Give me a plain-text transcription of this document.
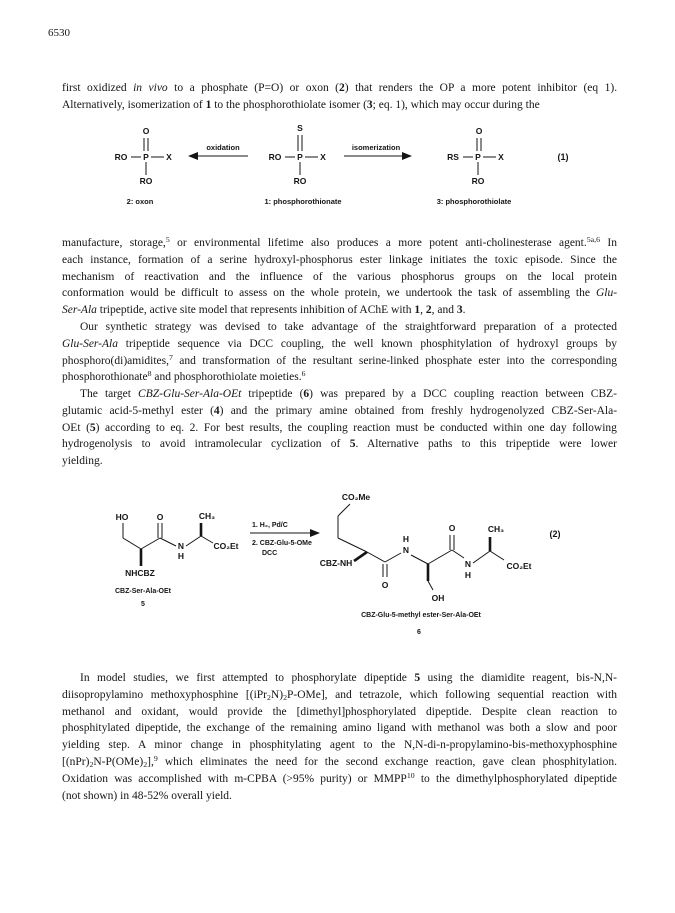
6530
first oxidized in vivo to a phosphate (P=O) or oxon (2) that renders the OP a more potent inhibitor (eq 1).
Alternatively, isomerization of 1 to the phosphorothiolate isomer (3; eq. 1), which may occur during the
manufacture, storage,$^5$ or environmental lifetime also produces a more potent anti-cholinesterase agent.$^{5a,6}$ In
each instance, formation of a serine hydroxyl-phosphorus ester linkage initiates the toxic episode. Since the
mechanism of reactivation and the influence of the various phosphorus groups on the local protein
conformation would be difficult to assess on the whole protein, we undertook the task of assembling the Glu-
Ser-Ala tripeptide, active site model that represents inhibition of AChE with 1, 2, and 3.
Our synthetic strategy was devised to take advantage of the straightforward preparation of a protected
Glu-Ser-Ala tripeptide sequence via DCC coupling, the well known phosphitylation of hydroxyl groups by
phosphoro(di)amidites,$^7$ and transformation of the resultant serine-linked phosphate ester into the corresponding
phosphorothionate$^8$ and phosphorothiolate moieties.$^6$
The target CBZ-Glu-Ser-Ala-OEt tripeptide (6) was prepared by a DCC coupling reaction between CBZ-
glutamic acid-5-methyl ester (4) and the primary amine obtained from freshly hydrogenolyzed CBZ-Ser-Ala-
OEt (5) according to eq. 2. For best results, the coupling reaction must be conducted within one day following
hydrogenolysis to avoid intramolecular cyclization of 5. Alternative paths to this tripeptide were lower
yielding.
In model studies, we first attempted to phosphorylate dipeptide 5 using the diamidite reagent, bis-N,N-
diisopropylamino methoxyphosphine $[(iPr_2N)_2P-OMe]$, and tetrazole, which following sequential reaction with
methanol and oxidant, would provide the [dimethyl]phosphorylated dipeptide. Despite clean reaction to
phosphitylated dipeptide, the exchange of the remaining amino ligand with methanol was both a slow and poor
yielding step. A minor change in phosphitylating agent to the N,N-di-n-propylamino-bis-methoxyphosphine
$[(nPr)_2N-P(OMe)_2],^9$ which eliminates the need for the second exchange reaction, gave clean phosphitylation.
Oxidation was accomplished with m-CPBA (>95% purity) or MMPP$^{10}$ to the dimethylphosphorylated dipeptide
(not shown) in 48-52% overall yield.
O
RO P X
RO
2: oxon
oxidation
S
RO P X
RO
1: phosphorothionate
isomerization
O
RS P X
RO
3: phosphorothiolate
(1)
HO	O
N
H
CH₃
CO₂Et
NHCBZ
CBZ-Ser-Ala-OEt
5
1. H₂, Pd/C
2. CBZ-Glu-5-OMe
DCC
CO₂Me
CBZ-NH
O
N
H
OH
O
N
H
CH₃
CO₂Et
CBZ-Glu-5-methyl ester-Ser-Ala-OEt
6
(2)
